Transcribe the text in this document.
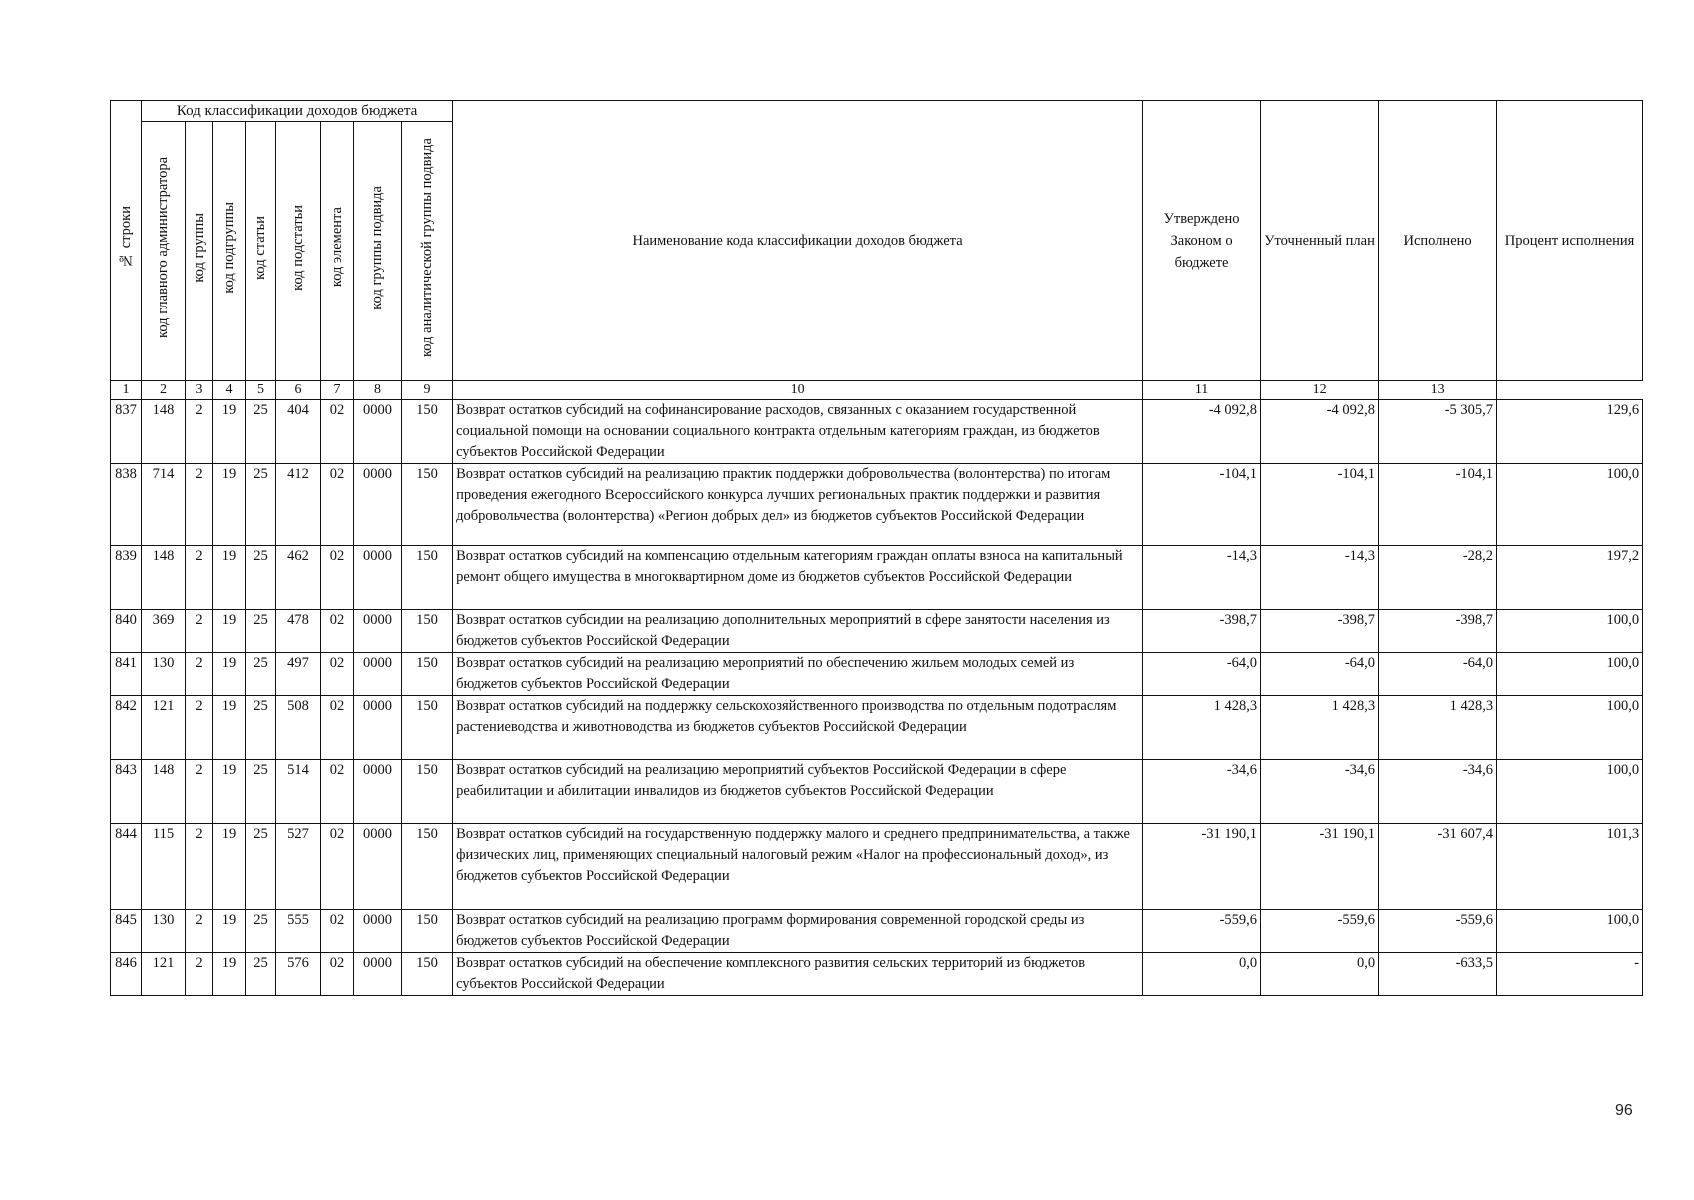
№ строки	Код классификации доходов бюджета								Наименование кода классификации доходов бюджета	Утверждено Законом о бюджете	Уточненный план	Исполнено	Процент исполнения
	код главного администратора	код группы	код подгруппы	код статьи	код подстатьи	код элемента	код группы подвида	код аналитической группы подвида					
1	2	3	4	5	6	7	8	9	10	11	12	13	
837	148	2	19	25	404	02	0000	150	Возврат остатков субсидий на софинансирование расходов, связанных с оказанием государственной социальной помощи на основании социального контракта отдельным категориям граждан, из бюджетов субъектов Российской Федерации	-4 092,8	-4 092,8	-5 305,7	129,6
838	714	2	19	25	412	02	0000	150	Возврат остатков субсидий на реализацию практик поддержки добровольчества (волонтерства) по итогам проведения ежегодного Всероссийского конкурса лучших региональных практик поддержки и развития добровольчества (волонтерства) «Регион добрых дел» из бюджетов субъектов Российской Федерации	-104,1	-104,1	-104,1	100,0
839	148	2	19	25	462	02	0000	150	Возврат остатков субсидий на компенсацию отдельным категориям граждан оплаты взноса на капитальный ремонт общего имущества в многоквартирном доме из бюджетов субъектов Российской Федерации	-14,3	-14,3	-28,2	197,2
840	369	2	19	25	478	02	0000	150	Возврат остатков субсидии на реализацию дополнительных мероприятий в сфере занятости населения из бюджетов субъектов Российской Федерации	-398,7	-398,7	-398,7	100,0
841	130	2	19	25	497	02	0000	150	Возврат остатков субсидий на реализацию мероприятий по обеспечению жильем молодых семей из бюджетов субъектов Российской Федерации	-64,0	-64,0	-64,0	100,0
842	121	2	19	25	508	02	0000	150	Возврат остатков субсидий на поддержку сельскохозяйственного производства по отдельным подотраслям растениеводства и животноводства из бюджетов субъектов Российской Федерации	1 428,3	1 428,3	1 428,3	100,0
843	148	2	19	25	514	02	0000	150	Возврат остатков субсидий на реализацию мероприятий субъектов Российской Федерации в сфере реабилитации и абилитации инвалидов из бюджетов субъектов Российской Федерации	-34,6	-34,6	-34,6	100,0
844	115	2	19	25	527	02	0000	150	Возврат остатков субсидий на государственную поддержку малого и среднего предпринимательства, а также физических лиц, применяющих специальный налоговый режим «Налог на профессиональный доход», из бюджетов субъектов Российской Федерации	-31 190,1	-31 190,1	-31 607,4	101,3
845	130	2	19	25	555	02	0000	150	Возврат остатков субсидий на реализацию программ формирования современной городской среды из бюджетов субъектов Российской Федерации	-559,6	-559,6	-559,6	100,0
846	121	2	19	25	576	02	0000	150	Возврат остатков субсидий на обеспечение комплексного развития сельских территорий из бюджетов субъектов Российской Федерации	0,0	0,0	-633,5	-
96
